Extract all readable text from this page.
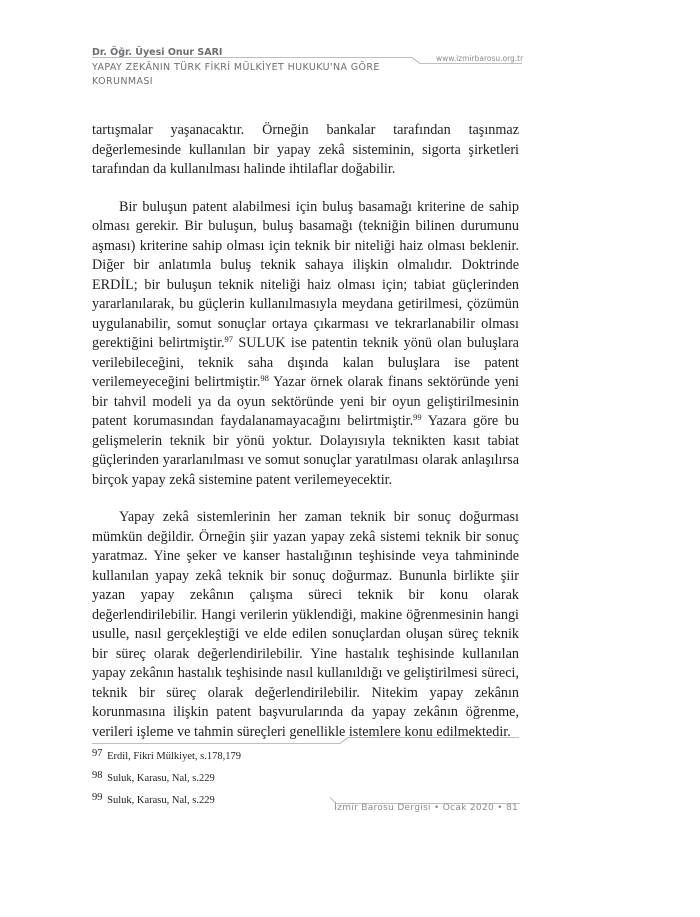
Dr. Öğr. Üyesi Onur SARI
YAPAY ZEKÂNIN TÜRK FİKRİ MÜLKİYET HUKUKU'NA GÖRE KORUNMASI
www.izmirbarosu.org.tr

tartışmalar yaşanacaktır. Örneğin bankalar tarafından taşınmaz değerlemesinde kullanılan bir yapay zekâ sisteminin, sigorta şirketleri tarafından da kullanılması halinde ihtilaflar doğabilir.

Bir buluşun patent alabilmesi için buluş basamağı kriterine de sahip olması gerekir. Bir buluşun, buluş basamağı (tekniğin bilinen durumunu aşması) kriterine sahip olması için teknik bir niteliği haiz olması beklenir. Diğer bir anlatımla buluş teknik sahaya ilişkin olmalıdır. Doktrinde ERDİL; bir buluşun teknik niteliği haiz olması için; tabiat güçlerinden yararlanılarak, bu güçlerin kullanılmasıyla meydana getirilmesi, çözümün uygulanabilir, somut sonuçlar ortaya çıkarması ve tekrarlanabilir olması gerektiğini belirtmiştir.$^{97}$ SULUK ise patentin teknik yönü olan buluşlara verilebileceğini, teknik saha dışında kalan buluşlara ise patent verilemeyeceğini belirtmiştir.$^{98}$ Yazar örnek olarak finans sektöründe yeni bir tahvil modeli ya da oyun sektöründe yeni bir oyun geliştirilmesinin patent korumasından faydalanamayacağını belirtmiştir.$^{99}$ Yazara göre bu gelişmelerin teknik bir yönü yoktur. Dolayısıyla teknikten kasıt tabiat güçlerinden yararlanılması ve somut sonuçlar yaratılması olarak anlaşılırsa birçok yapay zekâ sistemine patent verilemeyecektir.

Yapay zekâ sistemlerinin her zaman teknik bir sonuç doğurması mümkün değildir. Örneğin şiir yazan yapay zekâ sistemi teknik bir sonuç yaratmaz. Yine şeker ve kanser hastalığının teşhisinde veya tahmininde kullanılan yapay zekâ teknik bir sonuç doğurmaz. Bununla birlikte şiir yazan yapay zekânın çalışma süreci teknik bir konu olarak değerlendirilebilir. Hangi verilerin yüklendiği, makine öğrenmesinin hangi usulle, nasıl gerçekleştiği ve elde edilen sonuçlardan oluşan süreç teknik bir süreç olarak değerlendirilebilir. Yine hastalık teşhisinde kullanılan yapay zekânın hastalık teşhisinde nasıl kullanıldığı ve geliştirilmesi süreci, teknik bir süreç olarak değerlendirilebilir. Nitekim yapay zekânın korunmasına ilişkin patent başvurularında da yapay zekânın öğrenme, verileri işleme ve tahmin süreçleri genellikle istemlere konu edilmektedir.

97 Erdil, Fikri Mülkiyet, s.178,179

98 Suluk, Karasu, Nal, s.229

99 Suluk, Karasu, Nal, s.229

İzmir Barosu Dergisi • Ocak 2020 • 81
